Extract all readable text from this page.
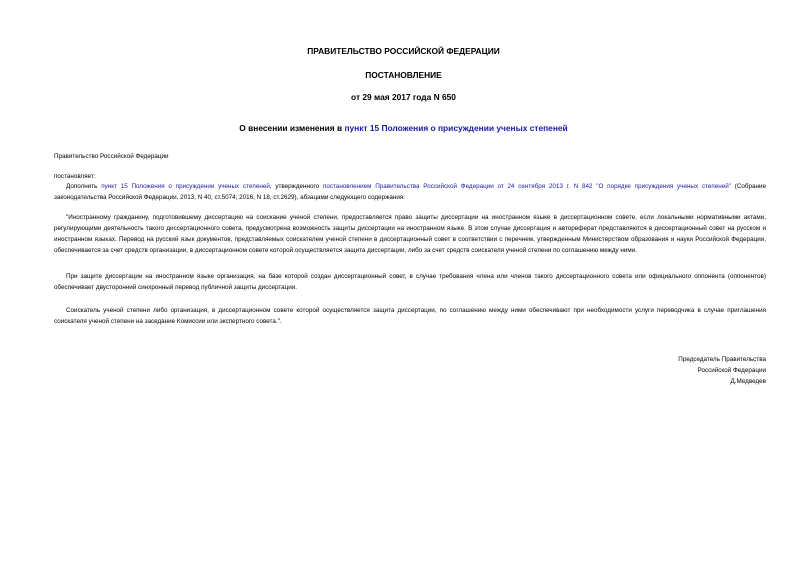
ПРАВИТЕЛЬСТВО РОССИЙСКОЙ ФЕДЕРАЦИИ

ПОСТАНОВЛЕНИЕ

от 29 мая 2017 года N 650

О внесении изменения в пункт 15 Положения о присуждении ученых степеней

Правительство Российской Федерации

постановляет:

Дополнить пункт 15 Положения о присуждении ученых степеней, утвержденного постановлением Правительства Российской Федерации от 24 сентября 2013 г. N 842 "О порядке присуждения ученых степеней" (Собрание законодательства Российской Федерации, 2013, N 40, ст.5074; 2016, N 18, ст.2629), абзацами следующего содержания:

"Иностранному гражданину, подготовившему диссертацию на соискание ученой степени, предоставляется право защиты диссертации на иностранном языке в диссертационном совете, если локальными нормативными актами, регулирующими деятельность такого диссертационного совета, предусмотрена возможность защиты диссертации на иностранном языке. В этом случае диссертация и автореферат представляются в диссертационный совет на русском и иностранном языках. Перевод на русский язык документов, представляемых соискателем ученой степени в диссертационный совет в соответствии с перечнем, утвержденным Министерством образования и науки Российской Федерации, обеспечивается за счет средств организации, в диссертационном совете которой осуществляется защита диссертации, либо за счет средств соискателя ученой степени по соглашению между ними.

При защите диссертации на иностранном языке организация, на базе которой создан диссертационный совет, в случае требования члена или членов такого диссертационного совета или официального оппонента (оппонентов) обеспечивает двусторонний синхронный перевод публичной защиты диссертации.

Соискатель ученой степени либо организация, в диссертационном совете которой осуществляется защита диссертации, по соглашению между ними обеспечивают при необходимости услуги переводчика в случае приглашения соискателя ученой степени на заседание Комиссии или экспертного совета.".

Председатель Правительства
Российской Федерации
Д.Медведев
